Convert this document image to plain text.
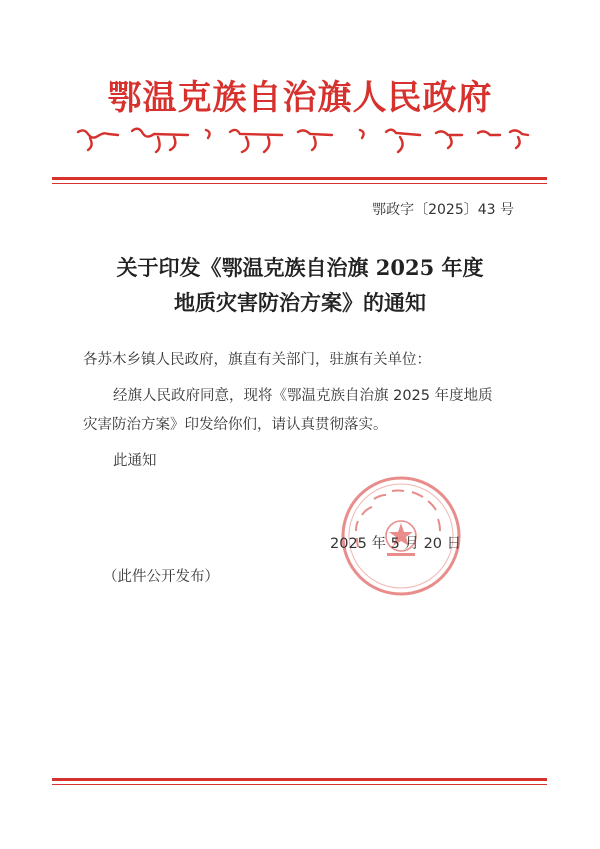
鄂温克族自治旗人民政府
鄂政字〔2025〕43 号
关于印发《鄂温克族自治旗 2025 年度
地质灾害防治方案》的通知
各苏木乡镇人民政府，旗直有关部门，驻旗有关单位：
经旗人民政府同意，现将《鄂温克族自治旗 2025 年度地质
灾害防治方案》印发给你们，请认真贯彻落实。
此通知
2025 年 5 月 20 日
（此件公开发布）
